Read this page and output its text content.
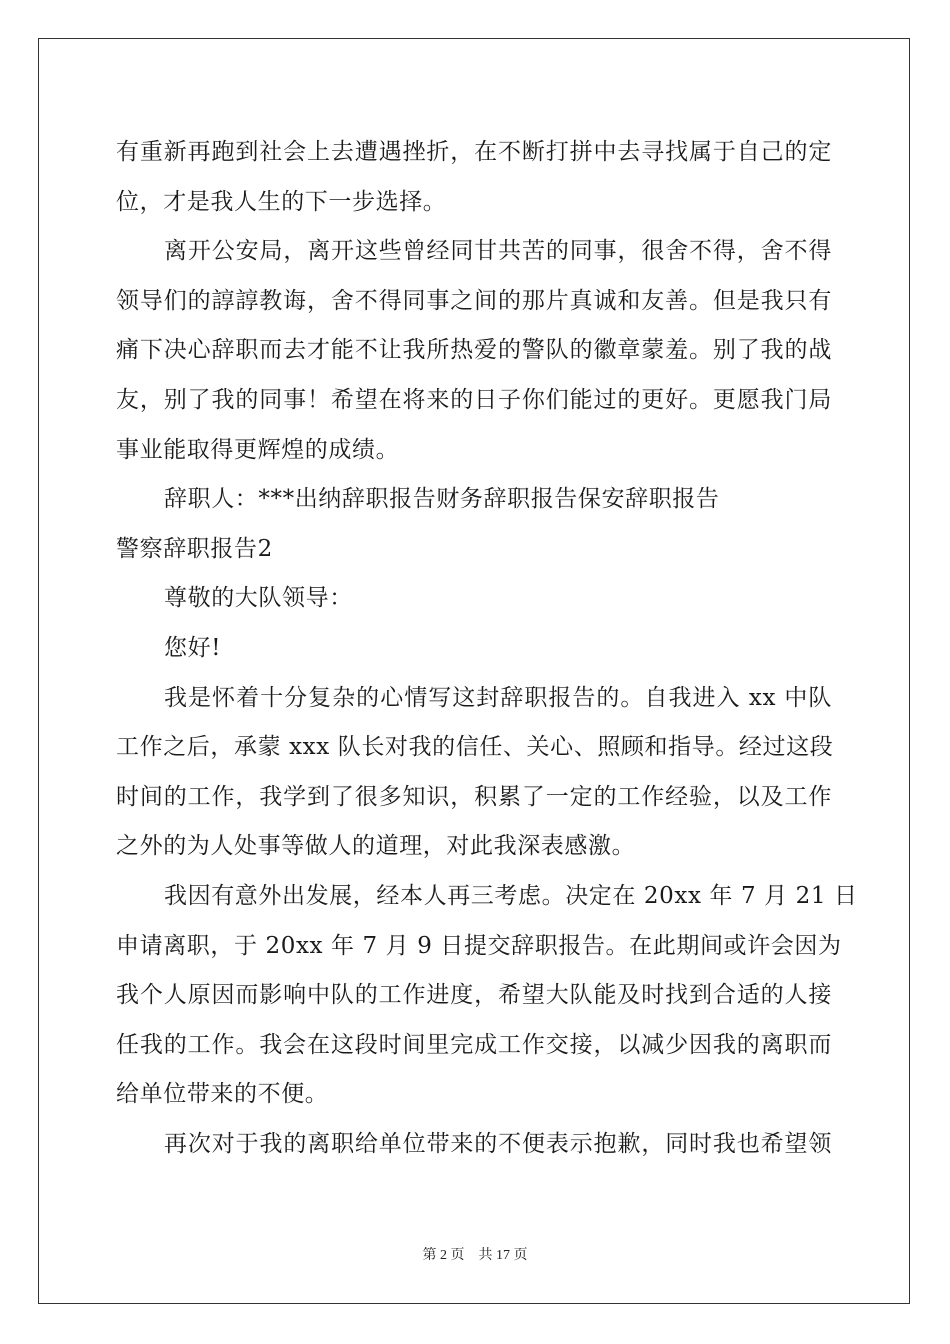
有重新再跑到社会上去遭遇挫折，在不断打拼中去寻找属于自己的定
位，才是我人生的下一步选择。
离开公安局，离开这些曾经同甘共苦的同事，很舍不得，舍不得
领导们的諄諄教诲，舍不得同事之间的那片真诚和友善。但是我只有
痛下决心辞职而去才能不让我所热爱的警队的徽章蒙羞。别了我的战
友，别了我的同事！希望在将来的日子你们能过的更好。更愿我门局
事业能取得更辉煌的成绩。
辞职人：***出纳辞职报告财务辞职报告保安辞职报告
警察辞职报告2
尊敬的大队领导：
您好!
我是怀着十分复杂的心情写这封辞职报告的。自我进入 xx 中队
工作之后，承蒙 xxx 队长对我的信任、关心、照顾和指导。经过这段
时间的工作，我学到了很多知识，积累了一定的工作经验，以及工作
之外的为人处事等做人的道理，对此我深表感激。
我因有意外出发展，经本人再三考虑。决定在 20xx 年 7 月 21 日
申请离职，于 20xx 年 7 月 9 日提交辞职报告。在此期间或许会因为
我个人原因而影响中队的工作进度，希望大队能及时找到合适的人接
任我的工作。我会在这段时间里完成工作交接，以减少因我的离职而
给单位带来的不便。
再次对于我的离职给单位带来的不便表示抱歉，同时我也希望领
第 2 页 共 17 页
